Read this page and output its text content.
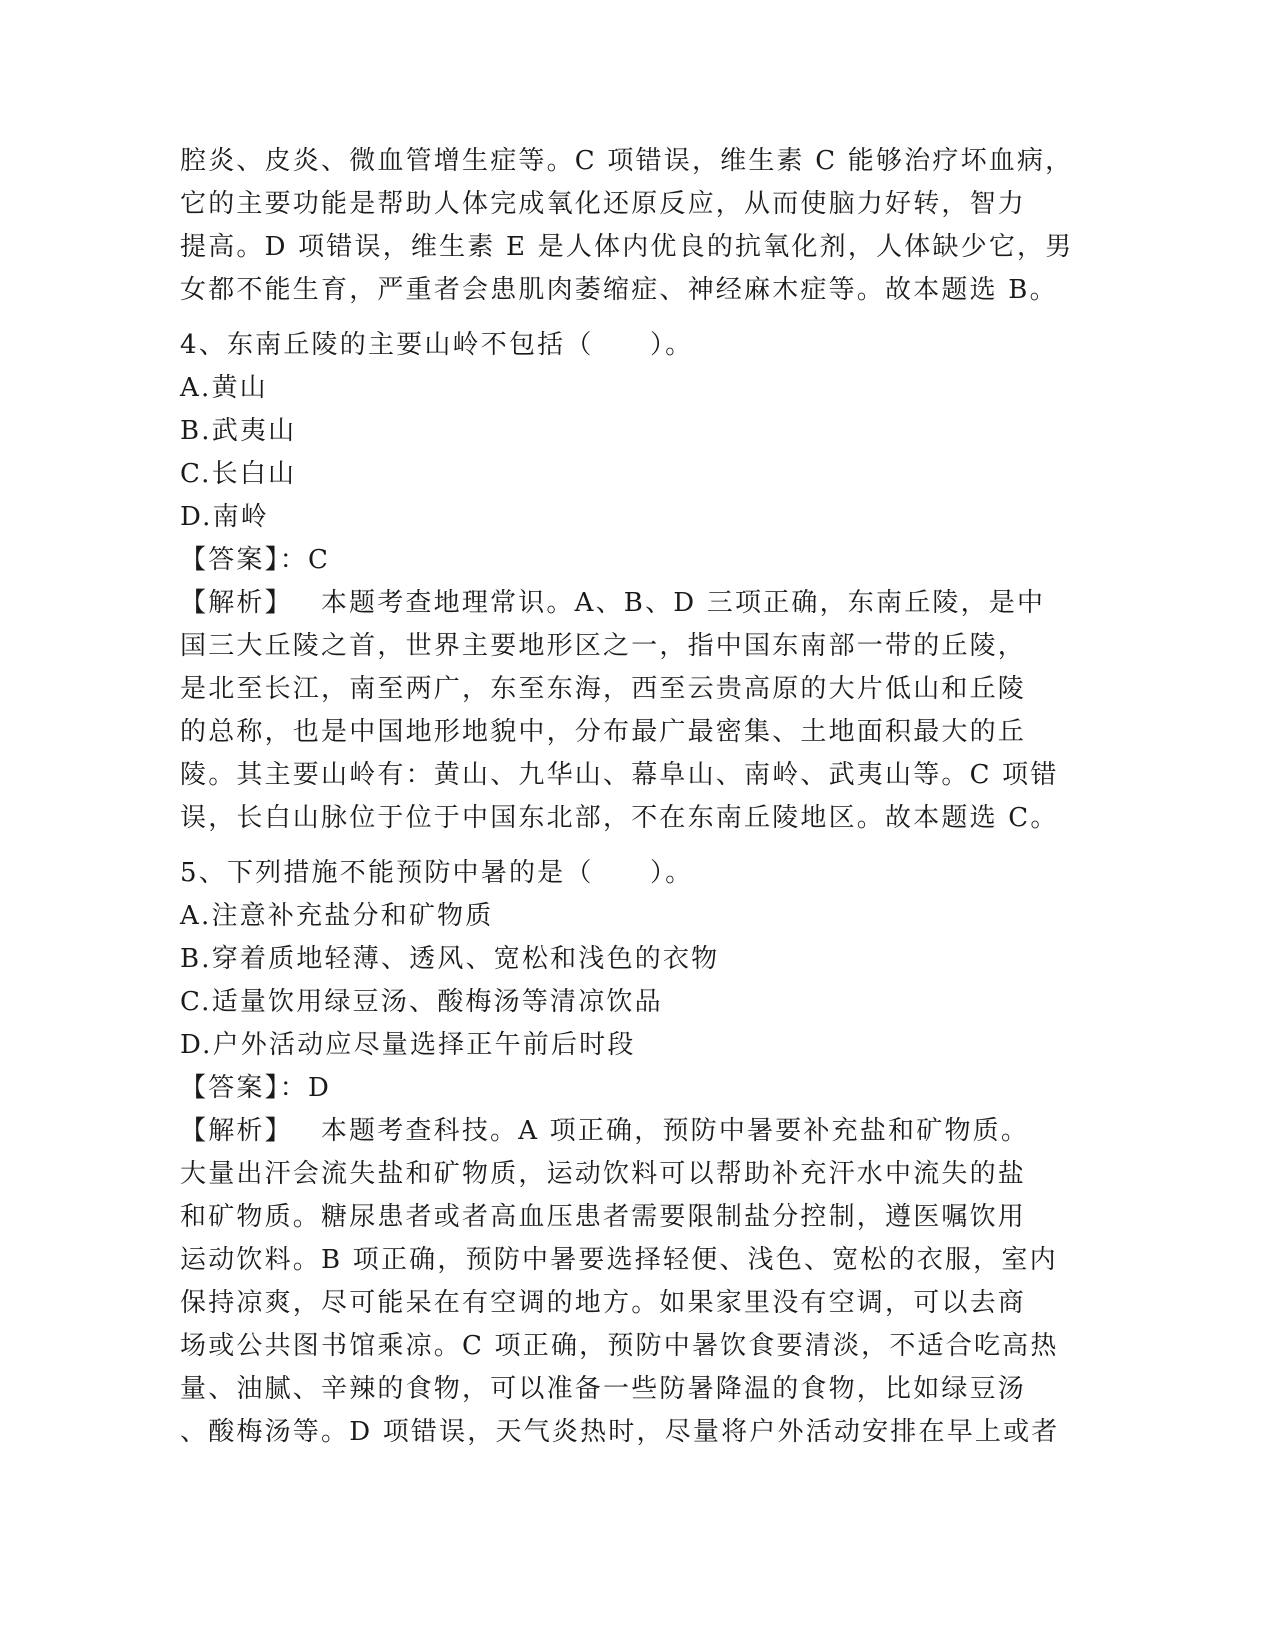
腔炎、皮炎、微血管增生症等。C 项错误，维生素 C 能够治疗坏血病，
它的主要功能是帮助人体完成氧化还原反应，从而使脑力好转，智力
提高。D 项错误，维生素 E 是人体内优良的抗氧化剂，人体缺少它，男
女都不能生育，严重者会患肌肉萎缩症、神经麻木症等。故本题选 B。
4、东南丘陵的主要山岭不包括（　　）。
A.黄山
B.武夷山
C.长白山
D.南岭
【答案】：C
【解析】 本题考查地理常识。A、B、D 三项正确，东南丘陵，是中
国三大丘陵之首，世界主要地形区之一，指中国东南部一带的丘陵，
是北至长江，南至两广，东至东海，西至云贵高原的大片低山和丘陵
的总称，也是中国地形地貌中，分布最广最密集、土地面积最大的丘
陵。其主要山岭有：黄山、九华山、幕阜山、南岭、武夷山等。C 项错
误，长白山脉位于位于中国东北部，不在东南丘陵地区。故本题选 C。
5、下列措施不能预防中暑的是（　　）。
A.注意补充盐分和矿物质
B.穿着质地轻薄、透风、宽松和浅色的衣物
C.适量饮用绿豆汤、酸梅汤等清凉饮品
D.户外活动应尽量选择正午前后时段
【答案】：D
【解析】 本题考查科技。A 项正确，预防中暑要补充盐和矿物质。
大量出汗会流失盐和矿物质，运动饮料可以帮助补充汗水中流失的盐
和矿物质。糖尿患者或者高血压患者需要限制盐分控制，遵医嘱饮用
运动饮料。B 项正确，预防中暑要选择轻便、浅色、宽松的衣服，室内
保持凉爽，尽可能呆在有空调的地方。如果家里没有空调，可以去商
场或公共图书馆乘凉。C 项正确，预防中暑饮食要清淡，不适合吃高热
量、油腻、辛辣的食物，可以准备一些防暑降温的食物，比如绿豆汤
、酸梅汤等。D 项错误，天气炎热时，尽量将户外活动安排在早上或者
